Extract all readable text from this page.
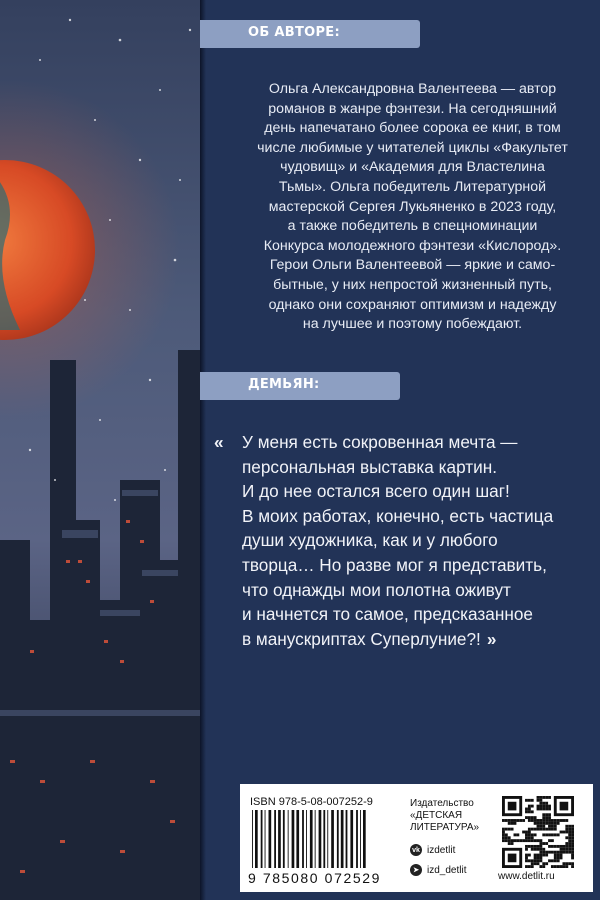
ОБ АВТОРЕ:
Ольга Александровна Валентеева — автор
романов в жанре фэнтези. На сегодняшний
день напечатано более сорока ее книг, в том
числе любимые у читателей циклы «Факультет
чудовищ» и «Академия для Властелина
Тьмы». Ольга победитель Литературной
мастерской Сергея Лукьяненко в 2023 году,
а также победитель в спецноминации
Конкурса молодежного фэнтези «Кислород».
Герои Ольги Валентеевой — яркие и само-
бытные, у них непростой жизненный путь,
однако они сохраняют оптимизм и надежду
на лучшее и поэтому побеждают.
ДЕМЬЯН:
«	У меня есть сокровенная мечта —
персональная выставка картин.
И до нее остался всего один шаг!
В моих работах, конечно, есть частица
души художника, как и у любого
творца… Но разве мог я представить,
что однажды мои полотна оживут
и начнется то самое, предсказанное
в манускриптах Суперлуние?! »
ISBN 978-5-08-007252-9
9 785080 072529
Издательство
«ДЕТСКАЯ
ЛИТЕРАТУРА»
vk izdetlit
➤ izd_detlit
www.detlit.ru
